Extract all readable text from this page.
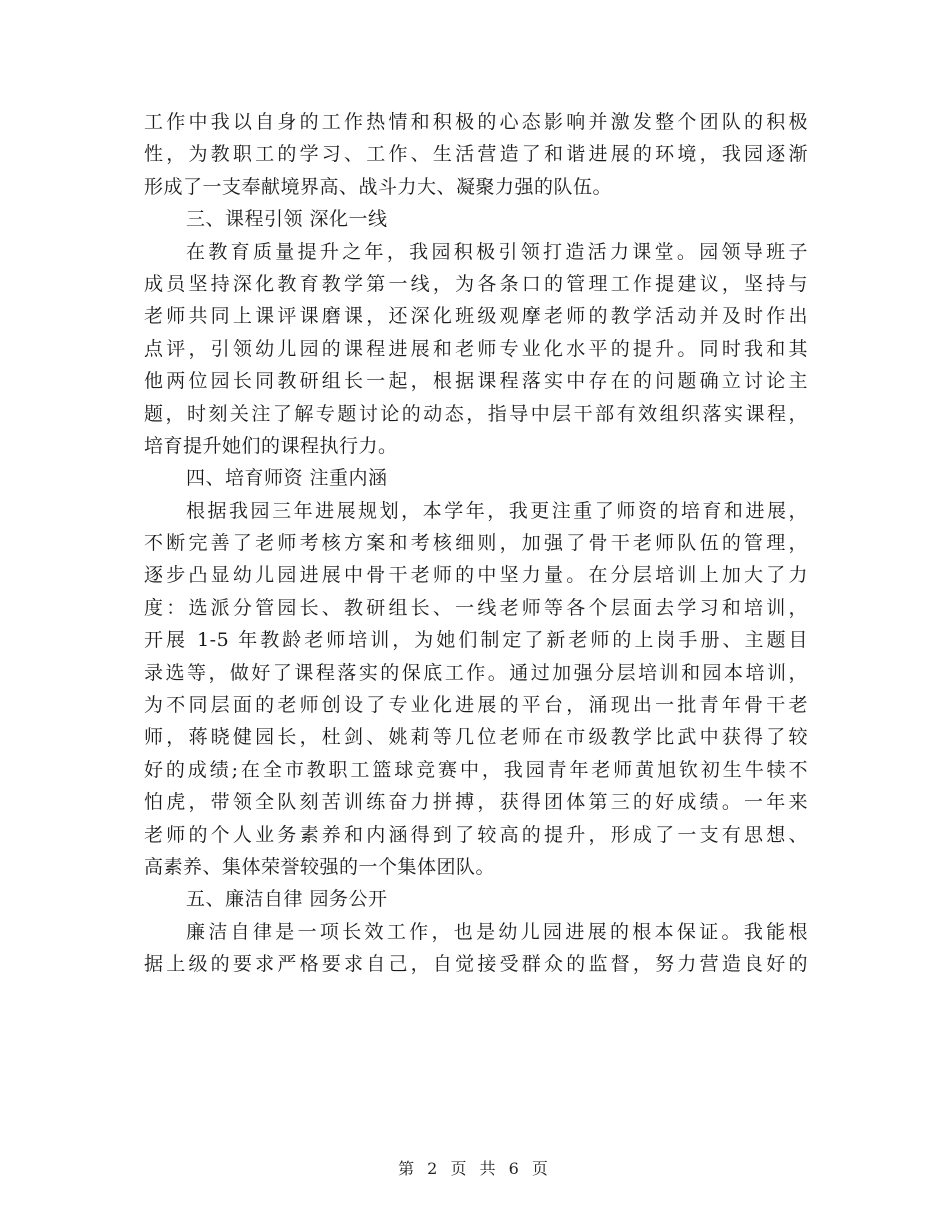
工作中我以自身的工作热情和积极的心态影响并激发整个团队的积极
性，为教职工的学习、工作、生活营造了和谐进展的环境，我园逐渐
形成了一支奉献境界高、战斗力大、凝聚力强的队伍。
三、课程引领 深化一线
在教育质量提升之年，我园积极引领打造活力课堂。园领导班子
成员坚持深化教育教学第一线，为各条口的管理工作提建议，坚持与
老师共同上课评课磨课，还深化班级观摩老师的教学活动并及时作出
点评，引领幼儿园的课程进展和老师专业化水平的提升。同时我和其
他两位园长同教研组长一起，根据课程落实中存在的问题确立讨论主
题，时刻关注了解专题讨论的动态，指导中层干部有效组织落实课程，
培育提升她们的课程执行力。
四、培育师资 注重内涵
根据我园三年进展规划，本学年，我更注重了师资的培育和进展，
不断完善了老师考核方案和考核细则，加强了骨干老师队伍的管理，
逐步凸显幼儿园进展中骨干老师的中坚力量。在分层培训上加大了力
度：选派分管园长、教研组长、一线老师等各个层面去学习和培训，
开展 1-5 年教龄老师培训，为她们制定了新老师的上岗手册、主题目
录选等，做好了课程落实的保底工作。通过加强分层培训和园本培训，
为不同层面的老师创设了专业化进展的平台，涌现出一批青年骨干老
师，蒋晓健园长，杜剑、姚莉等几位老师在市级教学比武中获得了较
好的成绩;在全市教职工篮球竞赛中，我园青年老师黄旭钦初生牛犊不
怕虎，带领全队刻苦训练奋力拼搏，获得团体第三的好成绩。一年来
老师的个人业务素养和内涵得到了较高的提升，形成了一支有思想、
高素养、集体荣誉较强的一个集体团队。
五、廉洁自律 园务公开
廉洁自律是一项长效工作，也是幼儿园进展的根本保证。我能根
据上级的要求严格要求自己，自觉接受群众的监督，努力营造良好的
第 2 页 共 6 页
